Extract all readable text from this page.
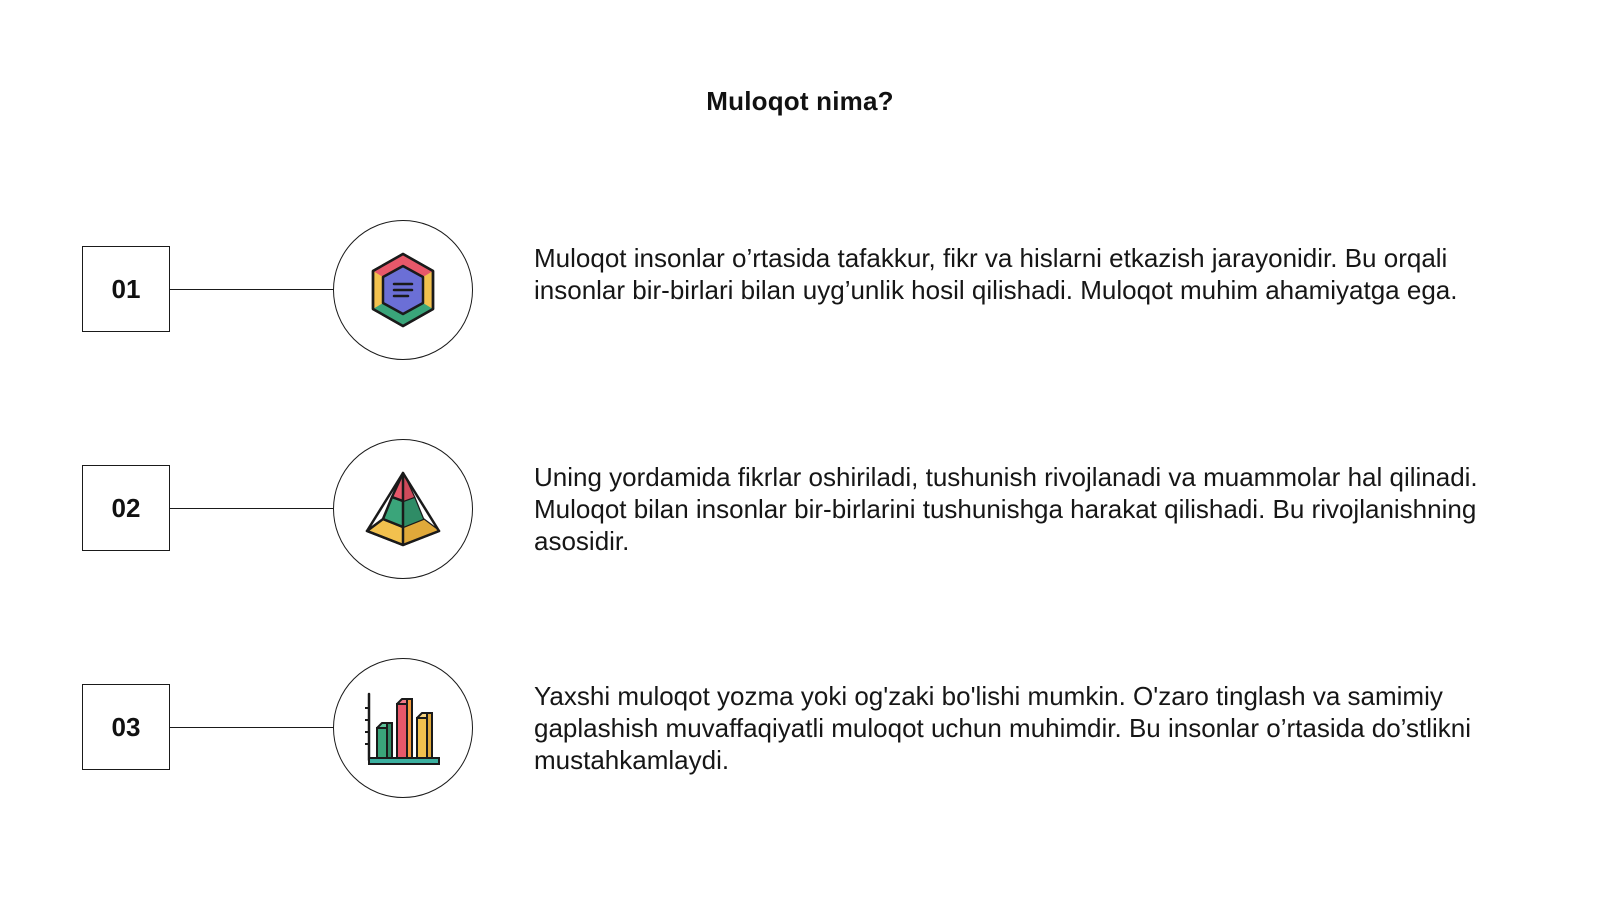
Muloqot nima?
01
Muloqot insonlar o’rtasida tafakkur, fikr va hislarni etkazish jarayonidir. Bu orqali insonlar bir-birlari bilan uyg’unlik hosil qilishadi. Muloqot muhim ahamiyatga ega.
02
Uning yordamida fikrlar oshiriladi, tushunish rivojlanadi va muammolar hal qilinadi. Muloqot bilan insonlar bir-birlarini tushunishga harakat qilishadi. Bu rivojlanishning asosidir.
03
Yaxshi muloqot yozma yoki og'zaki bo'lishi mumkin. O'zaro tinglash va samimiy gaplashish muvaffaqiyatli muloqot uchun muhimdir. Bu insonlar o’rtasida do’stlikni mustahkamlaydi.
